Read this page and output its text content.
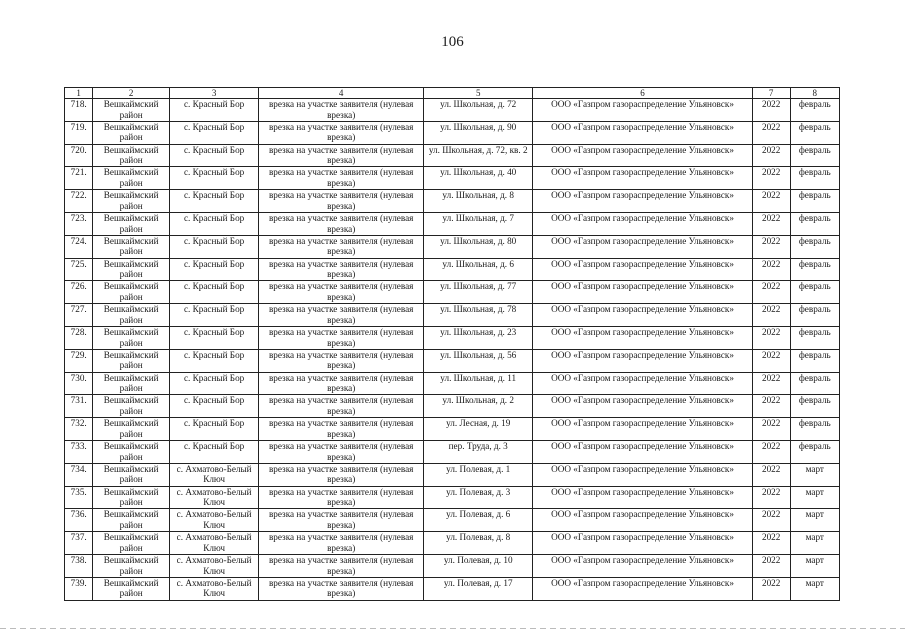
106
1	2	3	4	5	6	7	8
718.	Вешкаймский район	с. Красный Бор	врезка на участке заявителя (нулевая врезка)	ул. Школьная, д. 72	ООО «Газпром газораспределение Ульяновск»	2022	февраль
719.	Вешкаймский район	с. Красный Бор	врезка на участке заявителя (нулевая врезка)	ул. Школьная, д. 90	ООО «Газпром газораспределение Ульяновск»	2022	февраль
720.	Вешкаймский район	с. Красный Бор	врезка на участке заявителя (нулевая врезка)	ул. Школьная, д. 72, кв. 2	ООО «Газпром газораспределение Ульяновск»	2022	февраль
721.	Вешкаймский район	с. Красный Бор	врезка на участке заявителя (нулевая врезка)	ул. Школьная, д. 40	ООО «Газпром газораспределение Ульяновск»	2022	февраль
722.	Вешкаймский район	с. Красный Бор	врезка на участке заявителя (нулевая врезка)	ул. Школьная, д. 8	ООО «Газпром газораспределение Ульяновск»	2022	февраль
723.	Вешкаймский район	с. Красный Бор	врезка на участке заявителя (нулевая врезка)	ул. Школьная, д. 7	ООО «Газпром газораспределение Ульяновск»	2022	февраль
724.	Вешкаймский район	с. Красный Бор	врезка на участке заявителя (нулевая врезка)	ул. Школьная, д. 80	ООО «Газпром газораспределение Ульяновск»	2022	февраль
725.	Вешкаймский район	с. Красный Бор	врезка на участке заявителя (нулевая врезка)	ул. Школьная, д. 6	ООО «Газпром газораспределение Ульяновск»	2022	февраль
726.	Вешкаймский район	с. Красный Бор	врезка на участке заявителя (нулевая врезка)	ул. Школьная, д. 77	ООО «Газпром газораспределение Ульяновск»	2022	февраль
727.	Вешкаймский район	с. Красный Бор	врезка на участке заявителя (нулевая врезка)	ул. Школьная, д. 78	ООО «Газпром газораспределение Ульяновск»	2022	февраль
728.	Вешкаймский район	с. Красный Бор	врезка на участке заявителя (нулевая врезка)	ул. Школьная, д. 23	ООО «Газпром газораспределение Ульяновск»	2022	февраль
729.	Вешкаймский район	с. Красный Бор	врезка на участке заявителя (нулевая врезка)	ул. Школьная, д. 56	ООО «Газпром газораспределение Ульяновск»	2022	февраль
730.	Вешкаймский район	с. Красный Бор	врезка на участке заявителя (нулевая врезка)	ул. Школьная, д. 11	ООО «Газпром газораспределение Ульяновск»	2022	февраль
731.	Вешкаймский район	с. Красный Бор	врезка на участке заявителя (нулевая врезка)	ул. Школьная, д. 2	ООО «Газпром газораспределение Ульяновск»	2022	февраль
732.	Вешкаймский район	с. Красный Бор	врезка на участке заявителя (нулевая врезка)	ул. Лесная, д. 19	ООО «Газпром газораспределение Ульяновск»	2022	февраль
733.	Вешкаймский район	с. Красный Бор	врезка на участке заявителя (нулевая врезка)	пер. Труда, д. 3	ООО «Газпром газораспределение Ульяновск»	2022	февраль
734.	Вешкаймский район	с. Ахматово-Белый Ключ	врезка на участке заявителя (нулевая врезка)	ул. Полевая, д. 1	ООО «Газпром газораспределение Ульяновск»	2022	март
735.	Вешкаймский район	с. Ахматово-Белый Ключ	врезка на участке заявителя (нулевая врезка)	ул. Полевая, д. 3	ООО «Газпром газораспределение Ульяновск»	2022	март
736.	Вешкаймский район	с. Ахматово-Белый Ключ	врезка на участке заявителя (нулевая врезка)	ул. Полевая, д. 6	ООО «Газпром газораспределение Ульяновск»	2022	март
737.	Вешкаймский район	с. Ахматово-Белый Ключ	врезка на участке заявителя (нулевая врезка)	ул. Полевая, д. 8	ООО «Газпром газораспределение Ульяновск»	2022	март
738.	Вешкаймский район	с. Ахматово-Белый Ключ	врезка на участке заявителя (нулевая врезка)	ул. Полевая, д. 10	ООО «Газпром газораспределение Ульяновск»	2022	март
739.	Вешкаймский район	с. Ахматово-Белый Ключ	врезка на участке заявителя (нулевая врезка)	ул. Полевая, д. 17	ООО «Газпром газораспределение Ульяновск»	2022	март
